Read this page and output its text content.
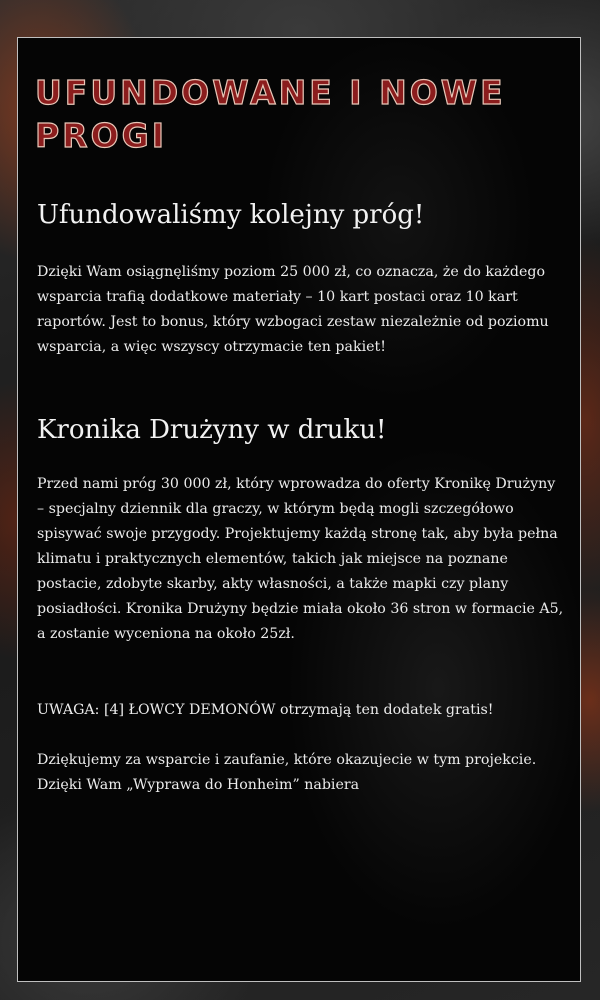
UFUNDOWANE I NOWE PROGI
Ufundowaliśmy kolejny próg!

Dzięki Wam osiągnęliśmy poziom 25 000 zł, co oznacza, że do każdego wsparcia trafią dodatkowe materiały – 10 kart postaci oraz 10 kart raportów. Jest to bonus, który wzbogaci zestaw niezależnie od poziomu wsparcia, a więc wszyscy otrzymacie ten pakiet!

Kronika Drużyny w druku!

Przed nami próg 30 000 zł, który wprowadza do oferty Kronikę Drużyny – specjalny dziennik dla graczy, w którym będą mogli szczegółowo spisywać swoje przygody. Projektujemy każdą stronę tak, aby była pełna klimatu i praktycznych elementów, takich jak miejsce na poznane postacie, zdobyte skarby, akty własności, a także mapki czy plany posiadłości. Kronika Drużyny będzie miała około 36 stron w formacie A5, a zostanie wyceniona na około 25zł.

UWAGA: [4] ŁOWCY DEMONÓW otrzymają ten dodatek gratis!

Dziękujemy za wsparcie i zaufanie, które okazujecie w tym projekcie. Dzięki Wam „Wyprawa do Honheim” nabiera
